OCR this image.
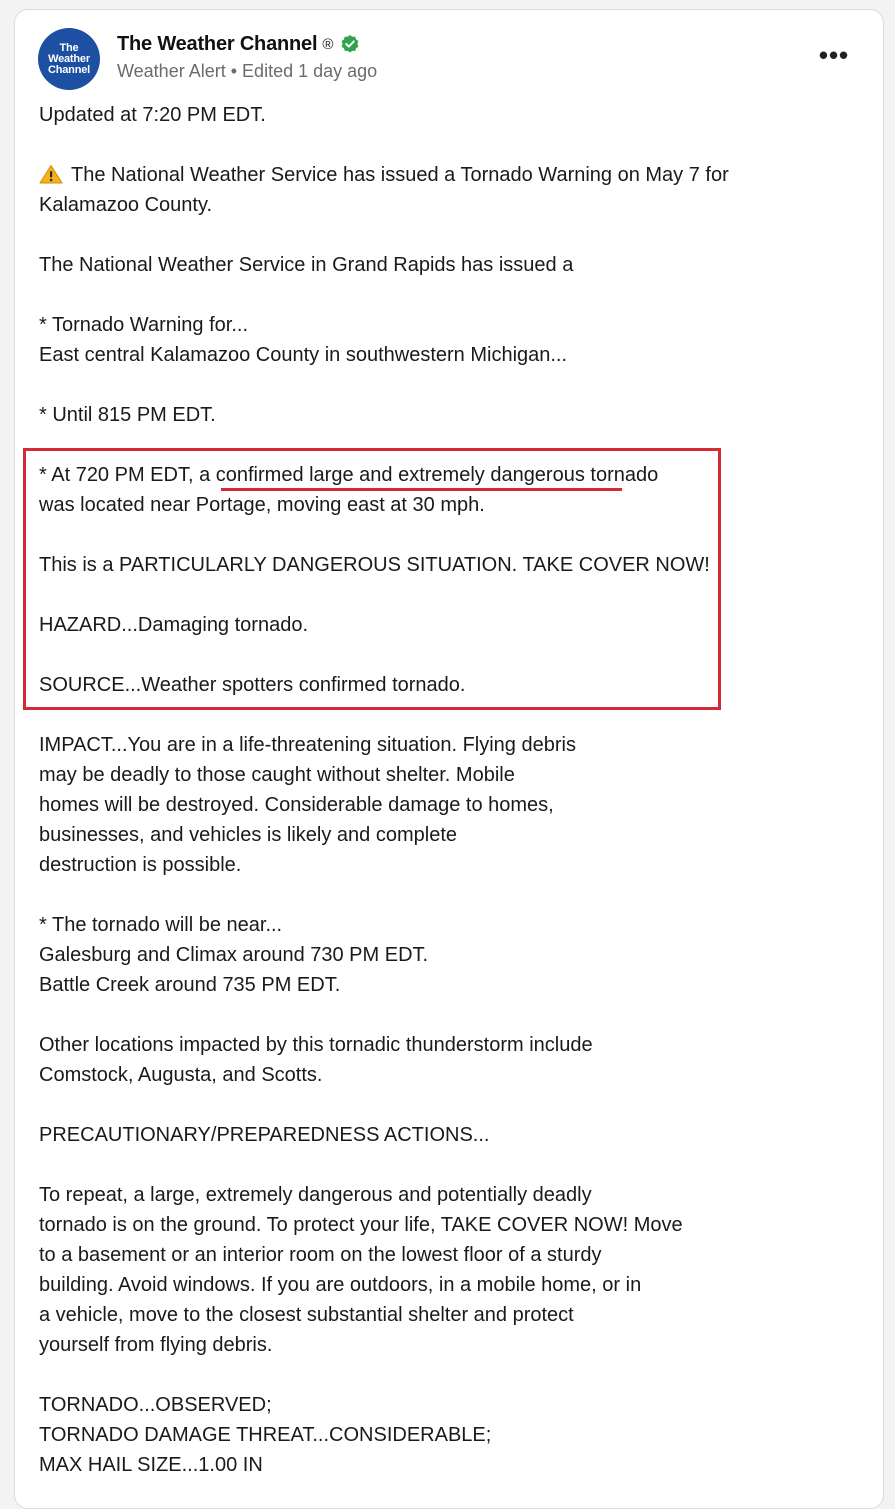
The
Weather
Channel
The Weather Channel ®
Weather Alert • Edited 1 day ago
•••
Updated at 7:20 PM EDT.
The National Weather Service has issued a Tornado Warning on May 7 for
Kalamazoo County.
The National Weather Service in Grand Rapids has issued a
* Tornado Warning for...
East central Kalamazoo County in southwestern Michigan...
* Until 815 PM EDT.
* At 720 PM EDT, a confirmed large and extremely dangerous tornado
was located near Portage, moving east at 30 mph.
This is a PARTICULARLY DANGEROUS SITUATION. TAKE COVER NOW!
HAZARD...Damaging tornado.
SOURCE...Weather spotters confirmed tornado.
IMPACT...You are in a life-threatening situation. Flying debris
may be deadly to those caught without shelter. Mobile
homes will be destroyed. Considerable damage to homes,
businesses, and vehicles is likely and complete
destruction is possible.
* The tornado will be near...
Galesburg and Climax around 730 PM EDT.
Battle Creek around 735 PM EDT.
Other locations impacted by this tornadic thunderstorm include
Comstock, Augusta, and Scotts.
PRECAUTIONARY/PREPAREDNESS ACTIONS...
To repeat, a large, extremely dangerous and potentially deadly
tornado is on the ground. To protect your life, TAKE COVER NOW! Move
to a basement or an interior room on the lowest floor of a sturdy
building. Avoid windows. If you are outdoors, in a mobile home, or in
a vehicle, move to the closest substantial shelter and protect
yourself from flying debris.
TORNADO...OBSERVED;
TORNADO DAMAGE THREAT...CONSIDERABLE;
MAX HAIL SIZE...1.00 IN
